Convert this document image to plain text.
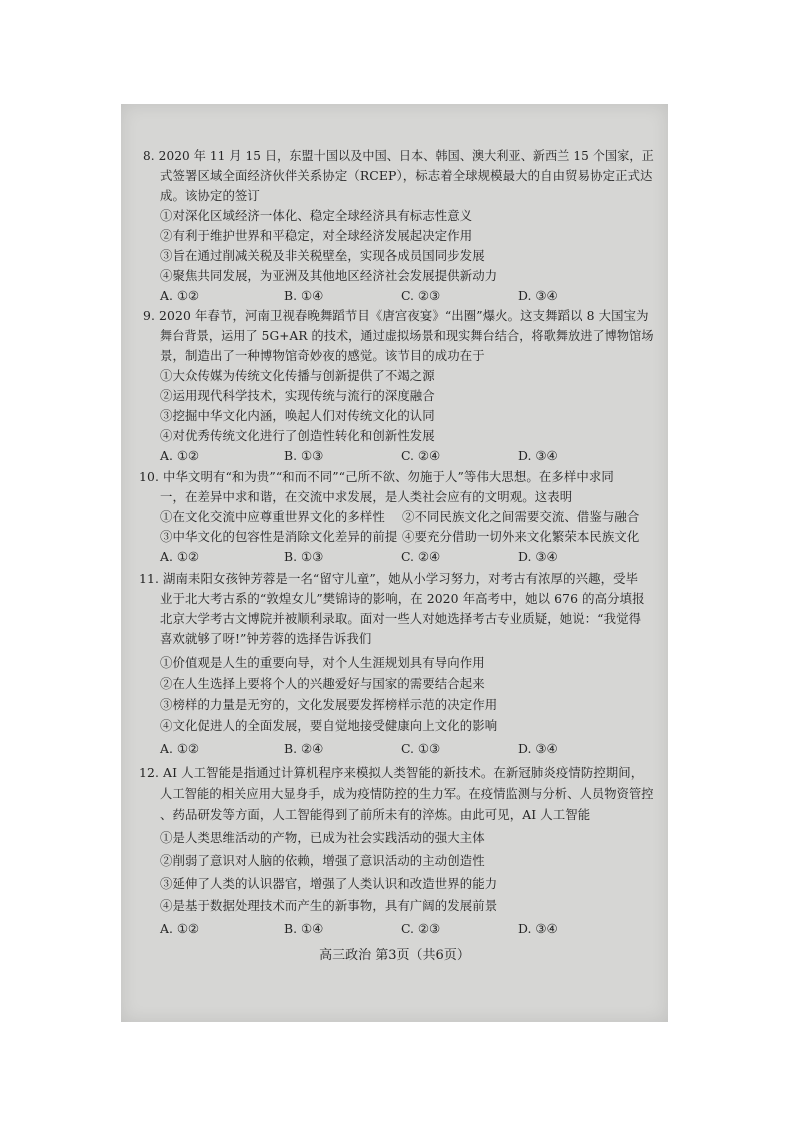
8. 2020 年 11 月 15 日，东盟十国以及中国、日本、韩国、澳大利亚、新西兰 15 个国家，正
式签署区域全面经济伙伴关系协定（RCEP），标志着全球规模最大的自由贸易协定正式达
成。该协定的签订
①对深化区域经济一体化、稳定全球经济具有标志性意义
②有利于维护世界和平稳定，对全球经济发展起决定作用
③旨在通过削减关税及非关税壁垒，实现各成员国同步发展
④聚焦共同发展，为亚洲及其他地区经济社会发展提供新动力
A. ①②	B. ①④	C. ②③	D. ③④
9. 2020 年春节，河南卫视春晚舞蹈节目《唐宫夜宴》“出圈”爆火。这支舞蹈以 8 大国宝为
舞台背景，运用了 5G+AR 的技术，通过虚拟场景和现实舞台结合，将歌舞放进了博物馆场
景，制造出了一种博物馆奇妙夜的感觉。该节目的成功在于
①大众传媒为传统文化传播与创新提供了不竭之源
②运用现代科学技术，实现传统与流行的深度融合
③挖掘中华文化内涵，唤起人们对传统文化的认同
④对优秀传统文化进行了创造性转化和创新性发展
A. ①②	B. ①③	C. ②④	D. ③④
10. 中华文明有“和为贵”“和而不同”“己所不欲、勿施于人”等伟大思想。在多样中求同
一，在差异中求和谐，在交流中求发展，是人类社会应有的文明观。这表明
①在文化交流中应尊重世界文化的多样性 ②不同民族文化之间需要交流、借鉴与融合
③中华文化的包容性是消除文化差异的前提 ④要充分借助一切外来文化繁荣本民族文化
A. ①②	B. ①③	C. ②④	D. ③④
11. 湖南耒阳女孩钟芳蓉是一名“留守儿童”，她从小学习努力，对考古有浓厚的兴趣，受毕
业于北大考古系的“敦煌女儿”樊锦诗的影响，在 2020 年高考中，她以 676 的高分填报
北京大学考古文博院并被顺利录取。面对一些人对她选择考古专业质疑，她说：“我觉得
喜欢就够了呀!”钟芳蓉的选择告诉我们
①价值观是人生的重要向导，对个人生涯规划具有导向作用
②在人生选择上要将个人的兴趣爱好与国家的需要结合起来
③榜样的力量是无穷的，文化发展要发挥榜样示范的决定作用
④文化促进人的全面发展，要自觉地接受健康向上文化的影响
A. ①②	B. ②④	C. ①③	D. ③④
12. AI 人工智能是指通过计算机程序来模拟人类智能的新技术。在新冠肺炎疫情防控期间，
人工智能的相关应用大显身手，成为疫情防控的生力军。在疫情监测与分析、人员物资管控
、药品研发等方面，人工智能得到了前所未有的淬炼。由此可见，AI 人工智能
①是人类思维活动的产物，已成为社会实践活动的强大主体
②削弱了意识对人脑的依赖，增强了意识活动的主动创造性
③延伸了人类的认识器官，增强了人类认识和改造世界的能力
④是基于数据处理技术而产生的新事物，具有广阔的发展前景
A. ①②	B. ①④	C. ②③	D. ③④
高三政治 第3页（共6页）
